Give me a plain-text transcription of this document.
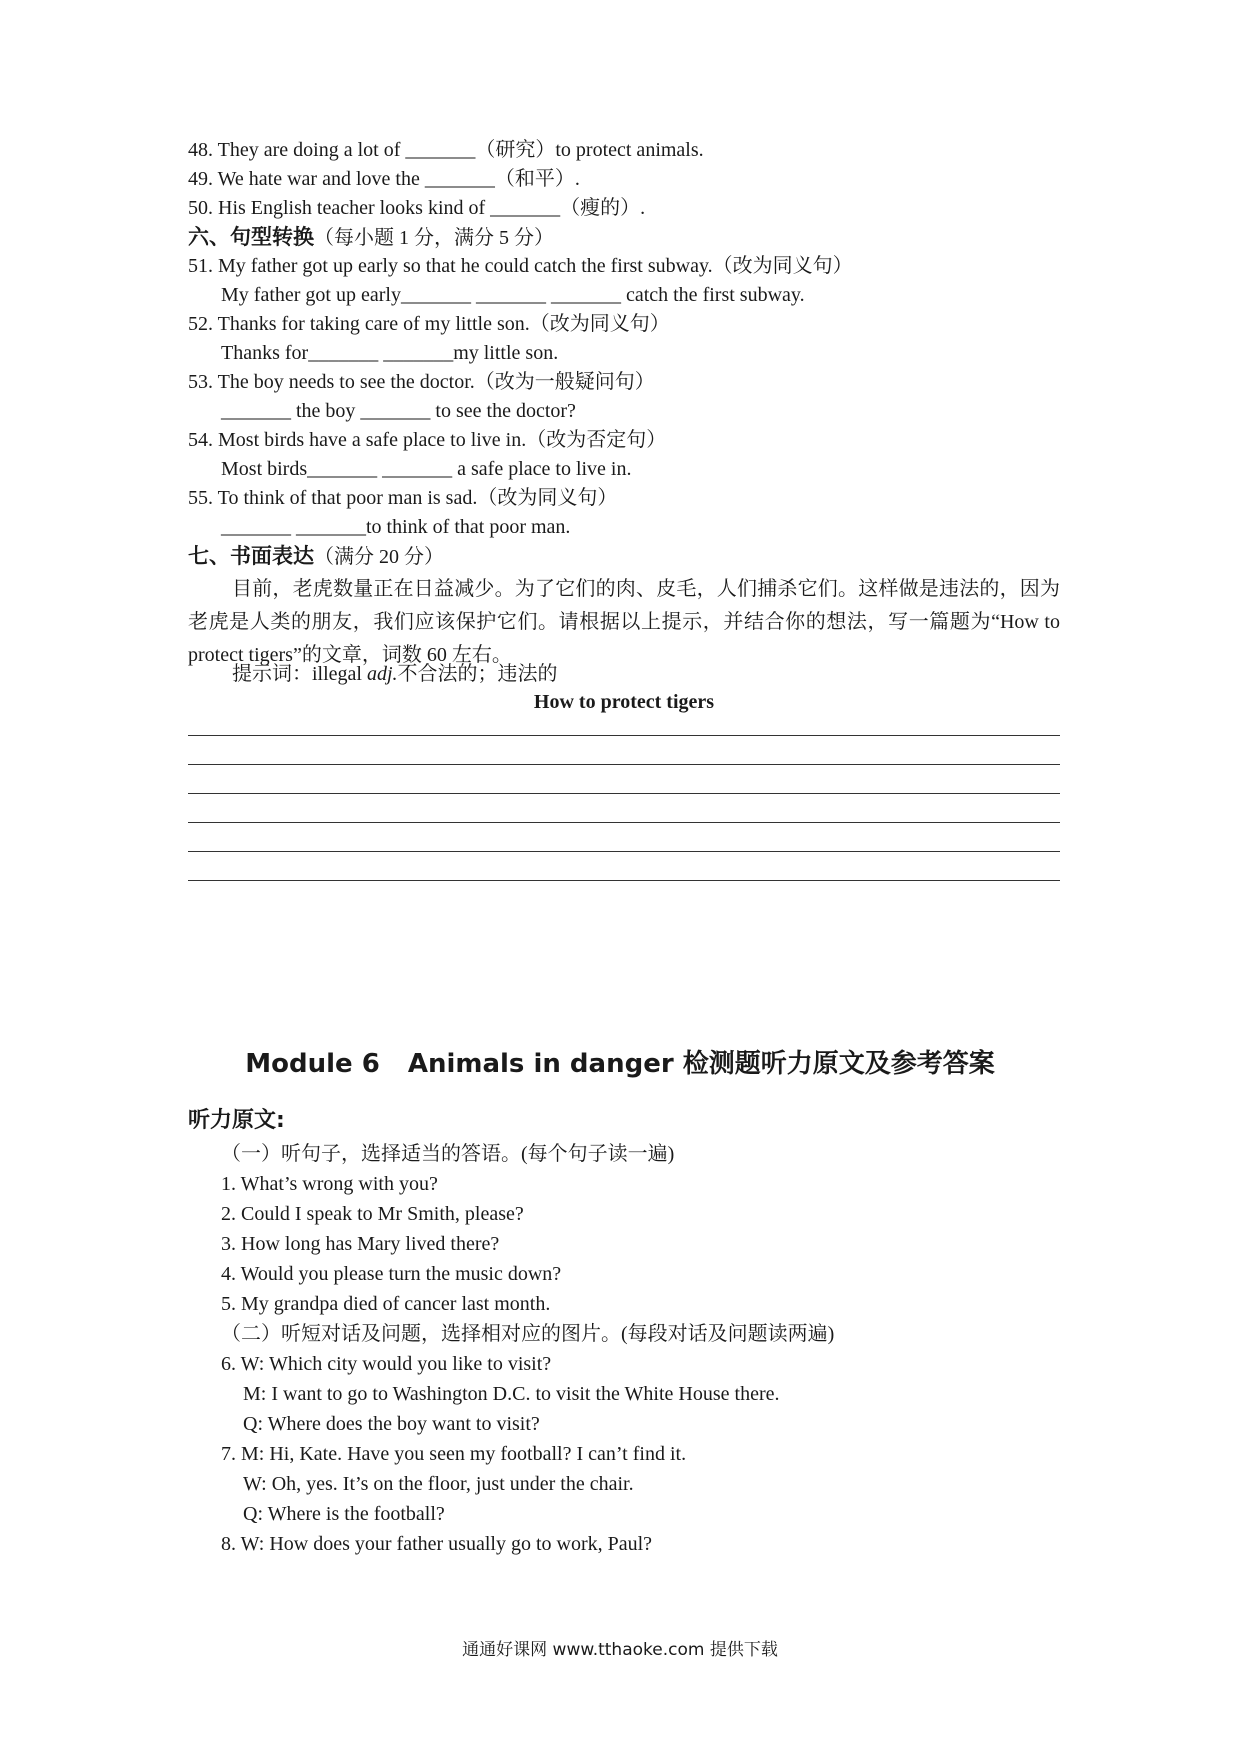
48. They are doing a lot of _______（研究）to protect animals.
49. We hate war and love the _______（和平）.
50. His English teacher looks kind of _______（瘦的）.
六、句型转换（每小题 1 分，满分 5 分）
51. My father got up early so that he could catch the first subway.（改为同义句）
My father got up early_______ _______ _______ catch the first subway.
52. Thanks for taking care of my little son.（改为同义句）
Thanks for_______ _______my little son.
53. The boy needs to see the doctor.（改为一般疑问句）
_______ the boy _______ to see the doctor?
54. Most birds have a safe place to live in.（改为否定句）
Most birds_______ _______ a safe place to live in.
55. To think of that poor man is sad.（改为同义句）
_______ _______to think of that poor man.
七、书面表达（满分 20 分）
目前，老虎数量正在日益减少。为了它们的肉、皮毛，人们捕杀它们。这样做是违法的，因为老虎是人类的朋友，我们应该保护它们。请根据以上提示，并结合你的想法，写一篇题为“How to protect tigers”的文章，词数 60 左右。
提示词：illegal adj.不合法的；违法的
How to protect tigers
Module 6 Animals in danger 检测题听力原文及参考答案
听力原文:
（一）听句子，选择适当的答语。(每个句子读一遍)
1. What’s wrong with you?
2. Could I speak to Mr Smith, please?
3. How long has Mary lived there?
4. Would you please turn the music down?
5. My grandpa died of cancer last month.
（二）听短对话及问题，选择相对应的图片。(每段对话及问题读两遍)
6. W: Which city would you like to visit?
M: I want to go to Washington D.C. to visit the White House there.
Q: Where does the boy want to visit?
7. M: Hi, Kate. Have you seen my football? I can’t find it.
W: Oh, yes. It’s on the floor, just under the chair.
Q: Where is the football?
8. W: How does your father usually go to work, Paul?
通通好课网 www.tthaoke.com 提供下载
